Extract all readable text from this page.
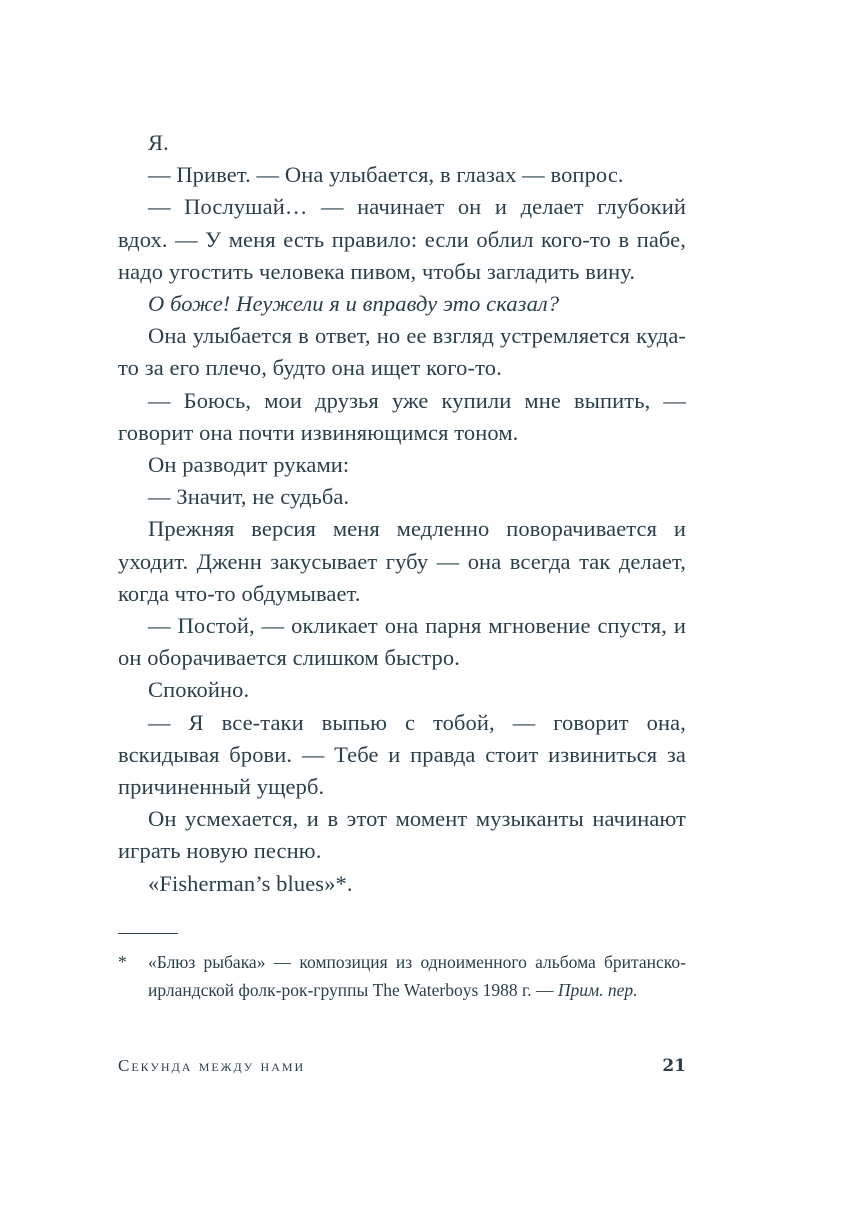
Я.

— Привет. — Она улыбается, в глазах — вопрос.

— Послушай… — начинает он и делает глубокий вдох. — У меня есть правило: если облил кого-то в пабе, надо угостить человека пивом, чтобы загладить вину.

О боже! Неужели я и вправду это сказал?

Она улыбается в ответ, но ее взгляд устремляется куда-то за его плечо, будто она ищет кого-то.

— Боюсь, мои друзья уже купили мне выпить, — говорит она почти извиняющимся тоном.

Он разводит руками:

— Значит, не судьба.

Прежняя версия меня медленно поворачивается и уходит. Дженн закусывает губу — она всегда так делает, когда что-то обдумывает.

— Постой, — окликает она парня мгновение спустя, и он оборачивается слишком быстро.

Спокойно.

— Я все-таки выпью с тобой, — говорит она, вскидывая брови. — Тебе и правда стоит извиниться за причиненный ущерб.

Он усмехается, и в этот момент музыканты начинают играть новую песню.

«Fisherman’s blues»*.

* «Блюз рыбака» — композиция из одноименного альбома британско-ирландской фолк-рок-группы The Waterboys 1988 г. — Прим. пер.
Секунда между нами	21
